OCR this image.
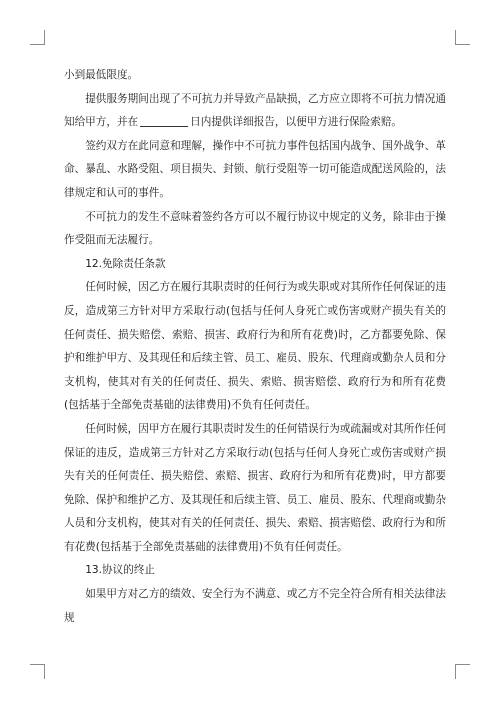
小到最低限度。

提供服务期间出现了不可抗力并导致产品缺损，乙方应立即将不可抗力情况通知给甲方，并在	日内提供详细报告，以便甲方进行保险索赔。

签约双方在此同意和理解，操作中不可抗力事件包括国内战争、国外战争、革命、暴乱、水路受阻、项目损失、封锁、航行受阻等一切可能造成配送风险的，法律规定和认可的事件。

不可抗力的发生不意味着签约各方可以不履行协议中规定的义务，除非由于操作受阻而无法履行。

12.免除责任条款

任何时候，因乙方在履行其职责时的任何行为或失职或对其所作任何保证的违反，造成第三方针对甲方采取行动(包括与任何人身死亡或伤害或财产损失有关的任何责任、损失赔偿、索赔、损害、政府行为和所有花费)时，乙方都要免除、保护和维护甲方、及其现任和后续主管、员工、雇员、股东、代理商或勤杂人员和分支机构，使其对有关的任何责任、损失、索赔、损害赔偿、政府行为和所有花费(包括基于全部免责基础的法律费用)不负有任何责任。

任何时候，因甲方在履行其职责时发生的任何错误行为或疏漏或对其所作任何保证的违反，造成第三方针对乙方采取行动(包括与任何人身死亡或伤害或财产损失有关的任何责任、损失赔偿、索赔、损害、政府行为和所有花费)时，甲方都要免除、保护和维护乙方、及其现任和后续主管、员工、雇员、股东、代理商或勤杂人员和分支机构，使其对有关的任何责任、损失、索赔、损害赔偿、政府行为和所有花费(包括基于全部免责基础的法律费用)不负有任何责任。

13.协议的终止

如果甲方对乙方的绩效、安全行为不满意、或乙方不完全符合所有相关法律法规
